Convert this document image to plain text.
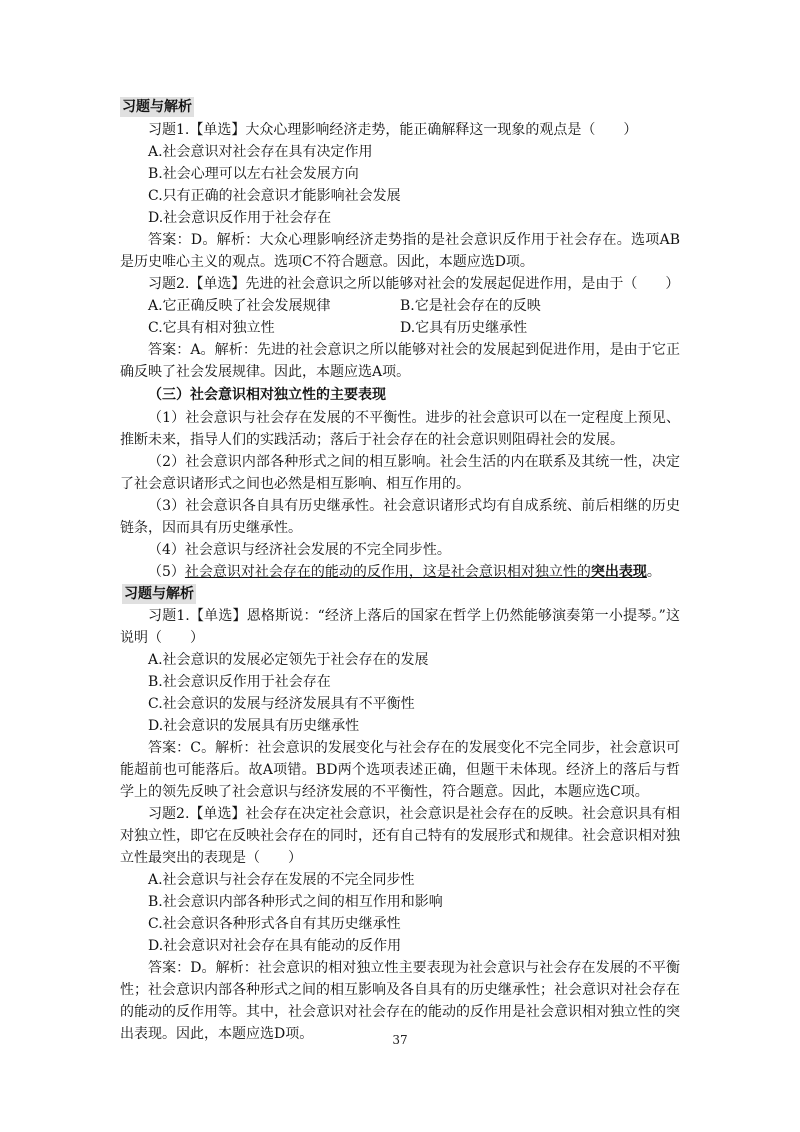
习题与解析

习题1.【单选】大众心理影响经济走势，能正确解释这一现象的观点是（　　）

A.社会意识对社会存在具有决定作用

B.社会心理可以左右社会发展方向

C.只有正确的社会意识才能影响社会发展

D.社会意识反作用于社会存在

答案：D。解析：大众心理影响经济走势指的是社会意识反作用于社会存在。选项AB是历史唯心主义的观点。选项C不符合题意。因此，本题应选D项。

习题2.【单选】先进的社会意识之所以能够对社会的发展起促进作用，是由于（　　）

A.它正确反映了社会发展规律	B.它是社会存在的反映
C.它具有相对独立性	D.它具有历史继承性

答案：A。解析：先进的社会意识之所以能够对社会的发展起到促进作用，是由于它正确反映了社会发展规律。因此，本题应选A项。

（三）社会意识相对独立性的主要表现

（1）社会意识与社会存在发展的不平衡性。进步的社会意识可以在一定程度上预见、推断未来，指导人们的实践活动；落后于社会存在的社会意识则阻碍社会的发展。

（2）社会意识内部各种形式之间的相互影响。社会生活的内在联系及其统一性，决定了社会意识诸形式之间也必然是相互影响、相互作用的。

（3）社会意识各自具有历史继承性。社会意识诸形式均有自成系统、前后相继的历史链条，因而具有历史继承性。

（4）社会意识与经济社会发展的不完全同步性。

（5）社会意识对社会存在的能动的反作用，这是社会意识相对独立性的突出表现。

习题与解析

习题1.【单选】恩格斯说：“经济上落后的国家在哲学上仍然能够演奏第一小提琴。”这说明（　　）

A.社会意识的发展必定领先于社会存在的发展

B.社会意识反作用于社会存在

C.社会意识的发展与经济发展具有不平衡性

D.社会意识的发展具有历史继承性

答案：C。解析：社会意识的发展变化与社会存在的发展变化不完全同步，社会意识可能超前也可能落后。故A项错。BD两个选项表述正确，但题干未体现。经济上的落后与哲学上的领先反映了社会意识与经济发展的不平衡性，符合题意。因此，本题应选C项。

习题2.【单选】社会存在决定社会意识，社会意识是社会存在的反映。社会意识具有相对独立性，即它在反映社会存在的同时，还有自己特有的发展形式和规律。社会意识相对独立性最突出的表现是（　　）

A.社会意识与社会存在发展的不完全同步性

B.社会意识内部各种形式之间的相互作用和影响

C.社会意识各种形式各自有其历史继承性

D.社会意识对社会存在具有能动的反作用

答案：D。解析：社会意识的相对独立性主要表现为社会意识与社会存在发展的不平衡性；社会意识内部各种形式之间的相互影响及各自具有的历史继承性；社会意识对社会存在的能动的反作用等。其中，社会意识对社会存在的能动的反作用是社会意识相对独立性的突出表现。因此，本题应选D项。	37
